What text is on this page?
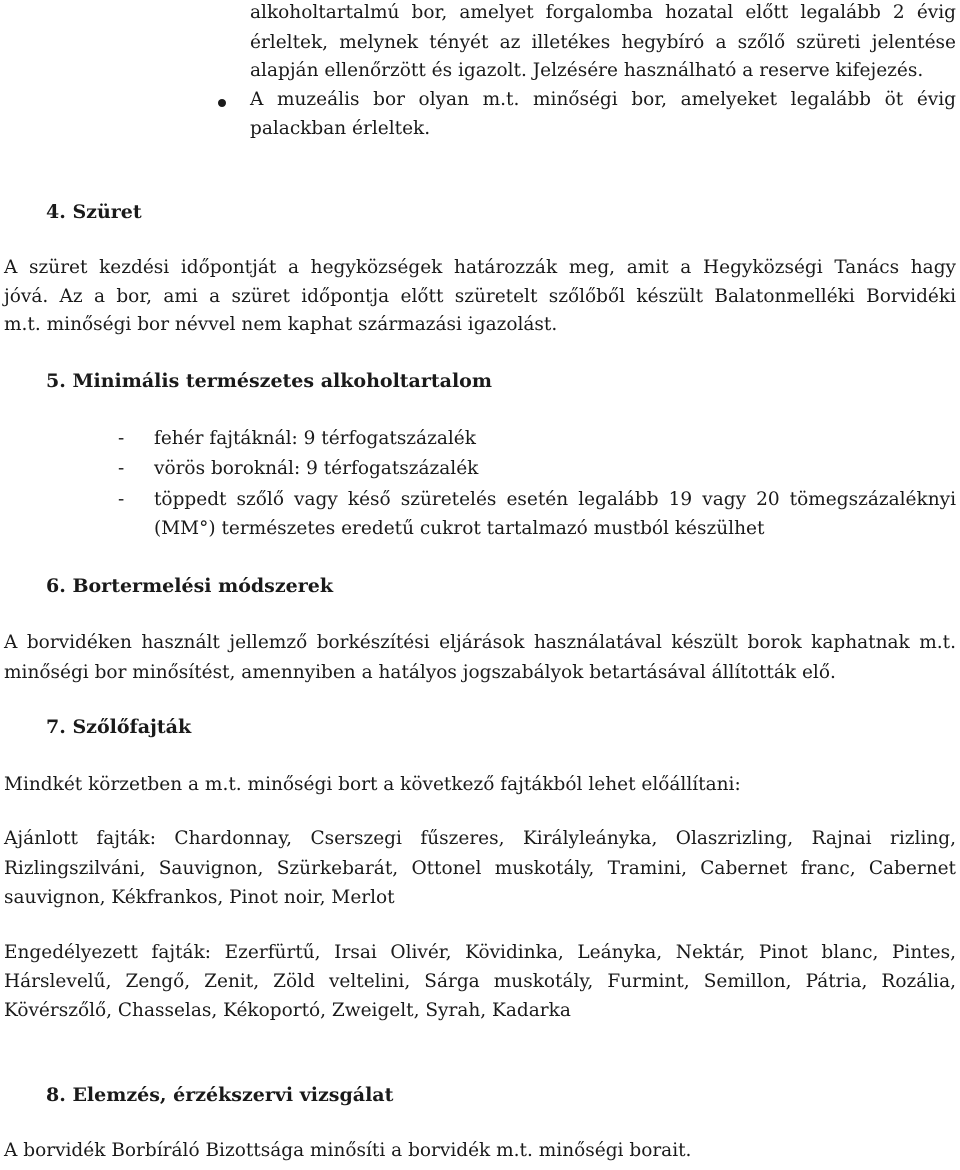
alkoholtartalmú bor, amelyet forgalomba hozatal előtt legalább 2 évig
érleltek, melynek tényét az illetékes hegybíró a szőlő szüreti jelentése
alapján ellenőrzött és igazolt. Jelzésére használható a reserve kifejezés.
A muzeális bor olyan m.t. minőségi bor, amelyeket legalább öt évig
palackban érleltek.
4. Szüret
A szüret kezdési időpontját a hegyközségek határozzák meg, amit a Hegyközségi Tanács hagy
jóvá. Az a bor, ami a szüret időpontja előtt szüretelt szőlőből készült Balatonmelléki Borvidéki
m.t. minőségi bor névvel nem kaphat származási igazolást.
5. Minimális természetes alkoholtartalom
- fehér fajtáknál: 9 térfogatszázalék
- vörös boroknál: 9 térfogatszázalék
- töppedt szőlő vagy késő szüretelés esetén legalább 19 vagy 20 tömegszázaléknyi
(MM°) természetes eredetű cukrot tartalmazó mustból készülhet
6. Bortermelési módszerek
A borvidéken használt jellemző borkészítési eljárások használatával készült borok kaphatnak m.t.
minőségi bor minősítést, amennyiben a hatályos jogszabályok betartásával állították elő.
7. Szőlőfajták
Mindkét körzetben a m.t. minőségi bort a következő fajtákból lehet előállítani:
Ajánlott fajták: Chardonnay, Cserszegi fűszeres, Királyleányka, Olaszrizling, Rajnai rizling,
Rizlingszilváni, Sauvignon, Szürkebarát, Ottonel muskotály, Tramini, Cabernet franc, Cabernet
sauvignon, Kékfrankos, Pinot noir, Merlot
Engedélyezett fajták: Ezerfürtű, Irsai Olivér, Kövidinka, Leányka, Nektár, Pinot blanc, Pintes,
Hárslevelű, Zengő, Zenit, Zöld veltelini, Sárga muskotály, Furmint, Semillon, Pátria, Rozália,
Kövérszőlő, Chasselas, Kékoportó, Zweigelt, Syrah, Kadarka
8. Elemzés, érzékszervi vizsgálat
A borvidék Borbíráló Bizottsága minősíti a borvidék m.t. minőségi borait.
